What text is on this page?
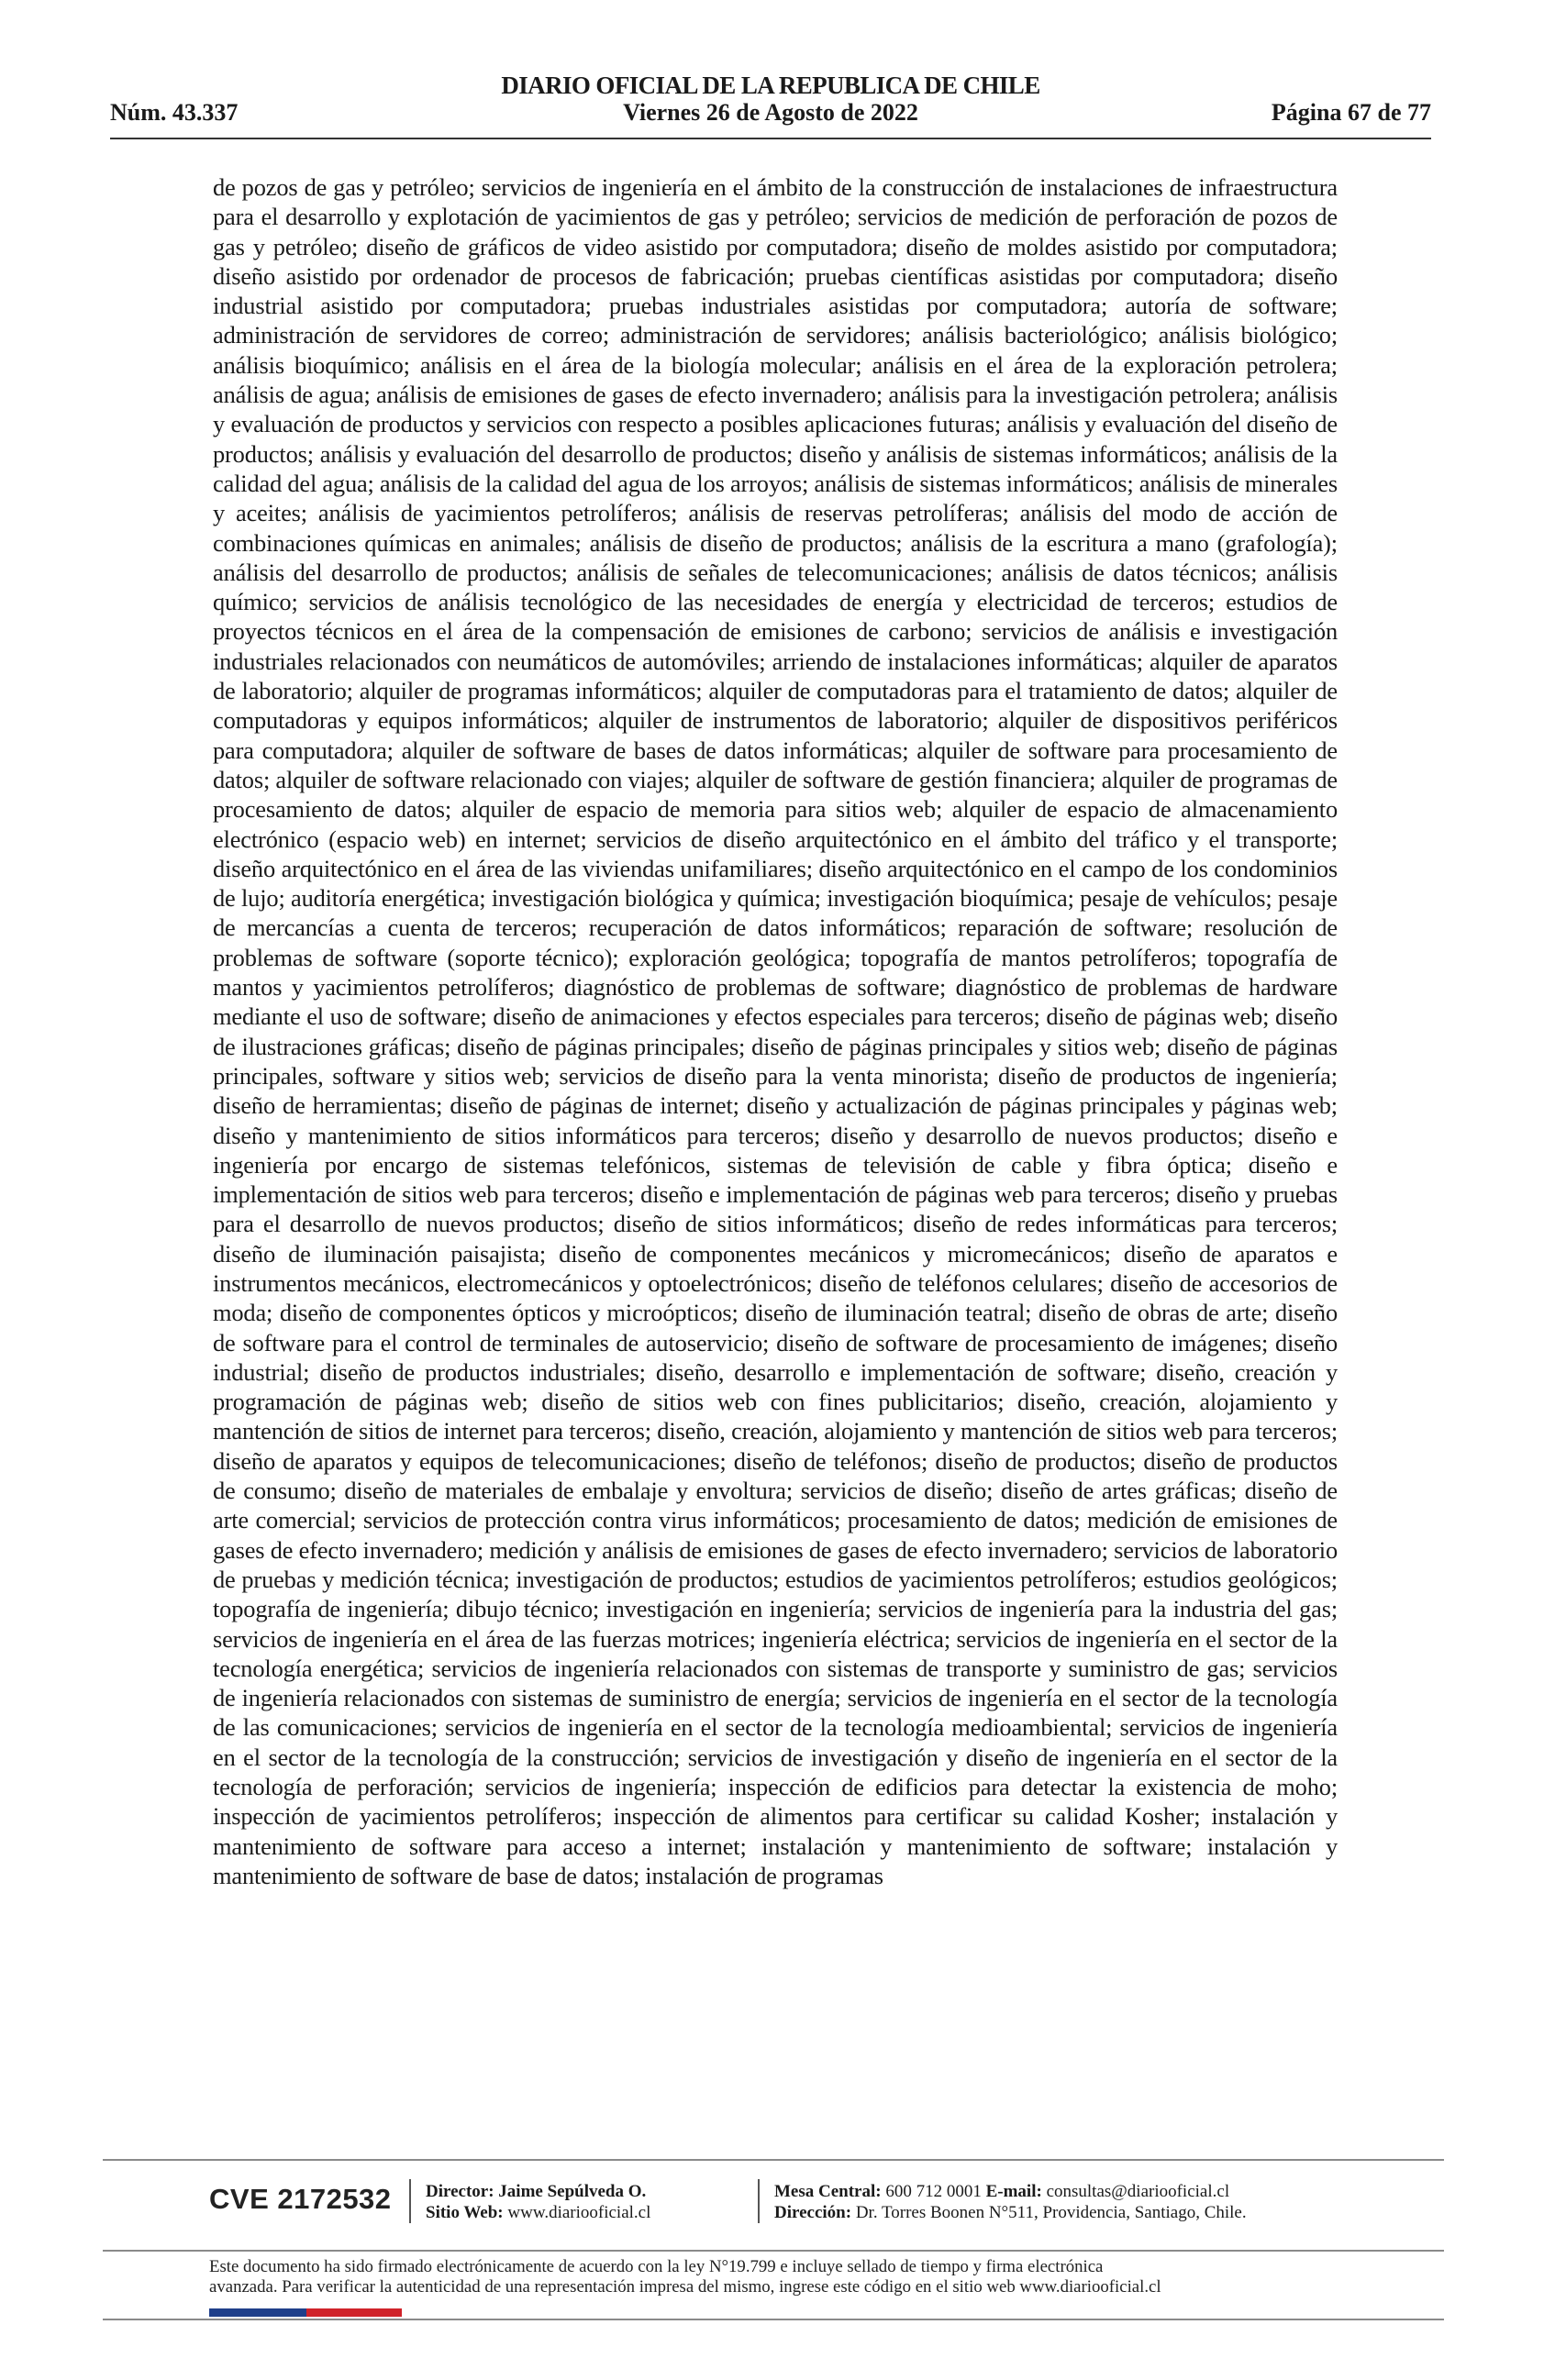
DIARIO OFICIAL DE LA REPUBLICA DE CHILE
Núm. 43.337	Viernes 26 de Agosto de 2022	Página 67 de 77
de pozos de gas y petróleo; servicios de ingeniería en el ámbito de la construcción de instalaciones de infraestructura para el desarrollo y explotación de yacimientos de gas y petróleo; servicios de medición de perforación de pozos de gas y petróleo; diseño de gráficos de video asistido por computadora; diseño de moldes asistido por computadora; diseño asistido por ordenador de procesos de fabricación; pruebas científicas asistidas por computadora; diseño industrial asistido por computadora; pruebas industriales asistidas por computadora; autoría de software; administración de servidores de correo; administración de servidores; análisis bacteriológico; análisis biológico; análisis bioquímico; análisis en el área de la biología molecular; análisis en el área de la exploración petrolera; análisis de agua; análisis de emisiones de gases de efecto invernadero; análisis para la investigación petrolera; análisis y evaluación de productos y servicios con respecto a posibles aplicaciones futuras; análisis y evaluación del diseño de productos; análisis y evaluación del desarrollo de productos; diseño y análisis de sistemas informáticos; análisis de la calidad del agua; análisis de la calidad del agua de los arroyos; análisis de sistemas informáticos; análisis de minerales y aceites; análisis de yacimientos petrolíferos; análisis de reservas petrolíferas; análisis del modo de acción de combinaciones químicas en animales; análisis de diseño de productos; análisis de la escritura a mano (grafología); análisis del desarrollo de productos; análisis de señales de telecomunicaciones; análisis de datos técnicos; análisis químico; servicios de análisis tecnológico de las necesidades de energía y electricidad de terceros; estudios de proyectos técnicos en el área de la compensación de emisiones de carbono; servicios de análisis e investigación industriales relacionados con neumáticos de automóviles; arriendo de instalaciones informáticas; alquiler de aparatos de laboratorio; alquiler de programas informáticos; alquiler de computadoras para el tratamiento de datos; alquiler de computadoras y equipos informáticos; alquiler de instrumentos de laboratorio; alquiler de dispositivos periféricos para computadora; alquiler de software de bases de datos informáticas; alquiler de software para procesamiento de datos; alquiler de software relacionado con viajes; alquiler de software de gestión financiera; alquiler de programas de procesamiento de datos; alquiler de espacio de memoria para sitios web; alquiler de espacio de almacenamiento electrónico (espacio web) en internet; servicios de diseño arquitectónico en el ámbito del tráfico y el transporte; diseño arquitectónico en el área de las viviendas unifamiliares; diseño arquitectónico en el campo de los condominios de lujo; auditoría energética; investigación biológica y química; investigación bioquímica; pesaje de vehículos; pesaje de mercancías a cuenta de terceros; recuperación de datos informáticos; reparación de software; resolución de problemas de software (soporte técnico); exploración geológica; topografía de mantos petrolíferos; topografía de mantos y yacimientos petrolíferos; diagnóstico de problemas de software; diagnóstico de problemas de hardware mediante el uso de software; diseño de animaciones y efectos especiales para terceros; diseño de páginas web; diseño de ilustraciones gráficas; diseño de páginas principales; diseño de páginas principales y sitios web; diseño de páginas principales, software y sitios web; servicios de diseño para la venta minorista; diseño de productos de ingeniería; diseño de herramientas; diseño de páginas de internet; diseño y actualización de páginas principales y páginas web; diseño y mantenimiento de sitios informáticos para terceros; diseño y desarrollo de nuevos productos; diseño e ingeniería por encargo de sistemas telefónicos, sistemas de televisión de cable y fibra óptica; diseño e implementación de sitios web para terceros; diseño e implementación de páginas web para terceros; diseño y pruebas para el desarrollo de nuevos productos; diseño de sitios informáticos; diseño de redes informáticas para terceros; diseño de iluminación paisajista; diseño de componentes mecánicos y micromecánicos; diseño de aparatos e instrumentos mecánicos, electromecánicos y optoelectrónicos; diseño de teléfonos celulares; diseño de accesorios de moda; diseño de componentes ópticos y microópticos; diseño de iluminación teatral; diseño de obras de arte; diseño de software para el control de terminales de autoservicio; diseño de software de procesamiento de imágenes; diseño industrial; diseño de productos industriales; diseño, desarrollo e implementación de software; diseño, creación y programación de páginas web; diseño de sitios web con fines publicitarios; diseño, creación, alojamiento y mantención de sitios de internet para terceros; diseño, creación, alojamiento y mantención de sitios web para terceros; diseño de aparatos y equipos de telecomunicaciones; diseño de teléfonos; diseño de productos; diseño de productos de consumo; diseño de materiales de embalaje y envoltura; servicios de diseño; diseño de artes gráficas; diseño de arte comercial; servicios de protección contra virus informáticos; procesamiento de datos; medición de emisiones de gases de efecto invernadero; medición y análisis de emisiones de gases de efecto invernadero; servicios de laboratorio de pruebas y medición técnica; investigación de productos; estudios de yacimientos petrolíferos; estudios geológicos; topografía de ingeniería; dibujo técnico; investigación en ingeniería; servicios de ingeniería para la industria del gas; servicios de ingeniería en el área de las fuerzas motrices; ingeniería eléctrica; servicios de ingeniería en el sector de la tecnología energética; servicios de ingeniería relacionados con sistemas de transporte y suministro de gas; servicios de ingeniería relacionados con sistemas de suministro de energía; servicios de ingeniería en el sector de la tecnología de las comunicaciones; servicios de ingeniería en el sector de la tecnología medioambiental; servicios de ingeniería en el sector de la tecnología de la construcción; servicios de investigación y diseño de ingeniería en el sector de la tecnología de perforación; servicios de ingeniería; inspección de edificios para detectar la existencia de moho; inspección de yacimientos petrolíferos; inspección de alimentos para certificar su calidad Kosher; instalación y mantenimiento de software para acceso a internet; instalación y mantenimiento de software; instalación y mantenimiento de software de base de datos; instalación de programas
CVE 2172532 Director: Jaime Sepúlveda O.
Sitio Web: www.diariooficial.cl
Mesa Central: 600 712 0001 E-mail: consultas@diariooficial.cl
Dirección: Dr. Torres Boonen N°511, Providencia, Santiago, Chile.
Este documento ha sido firmado electrónicamente de acuerdo con la ley N°19.799 e incluye sellado de tiempo y firma electrónica
avanzada. Para verificar la autenticidad de una representación impresa del mismo, ingrese este código en el sitio web www.diariooficial.cl
